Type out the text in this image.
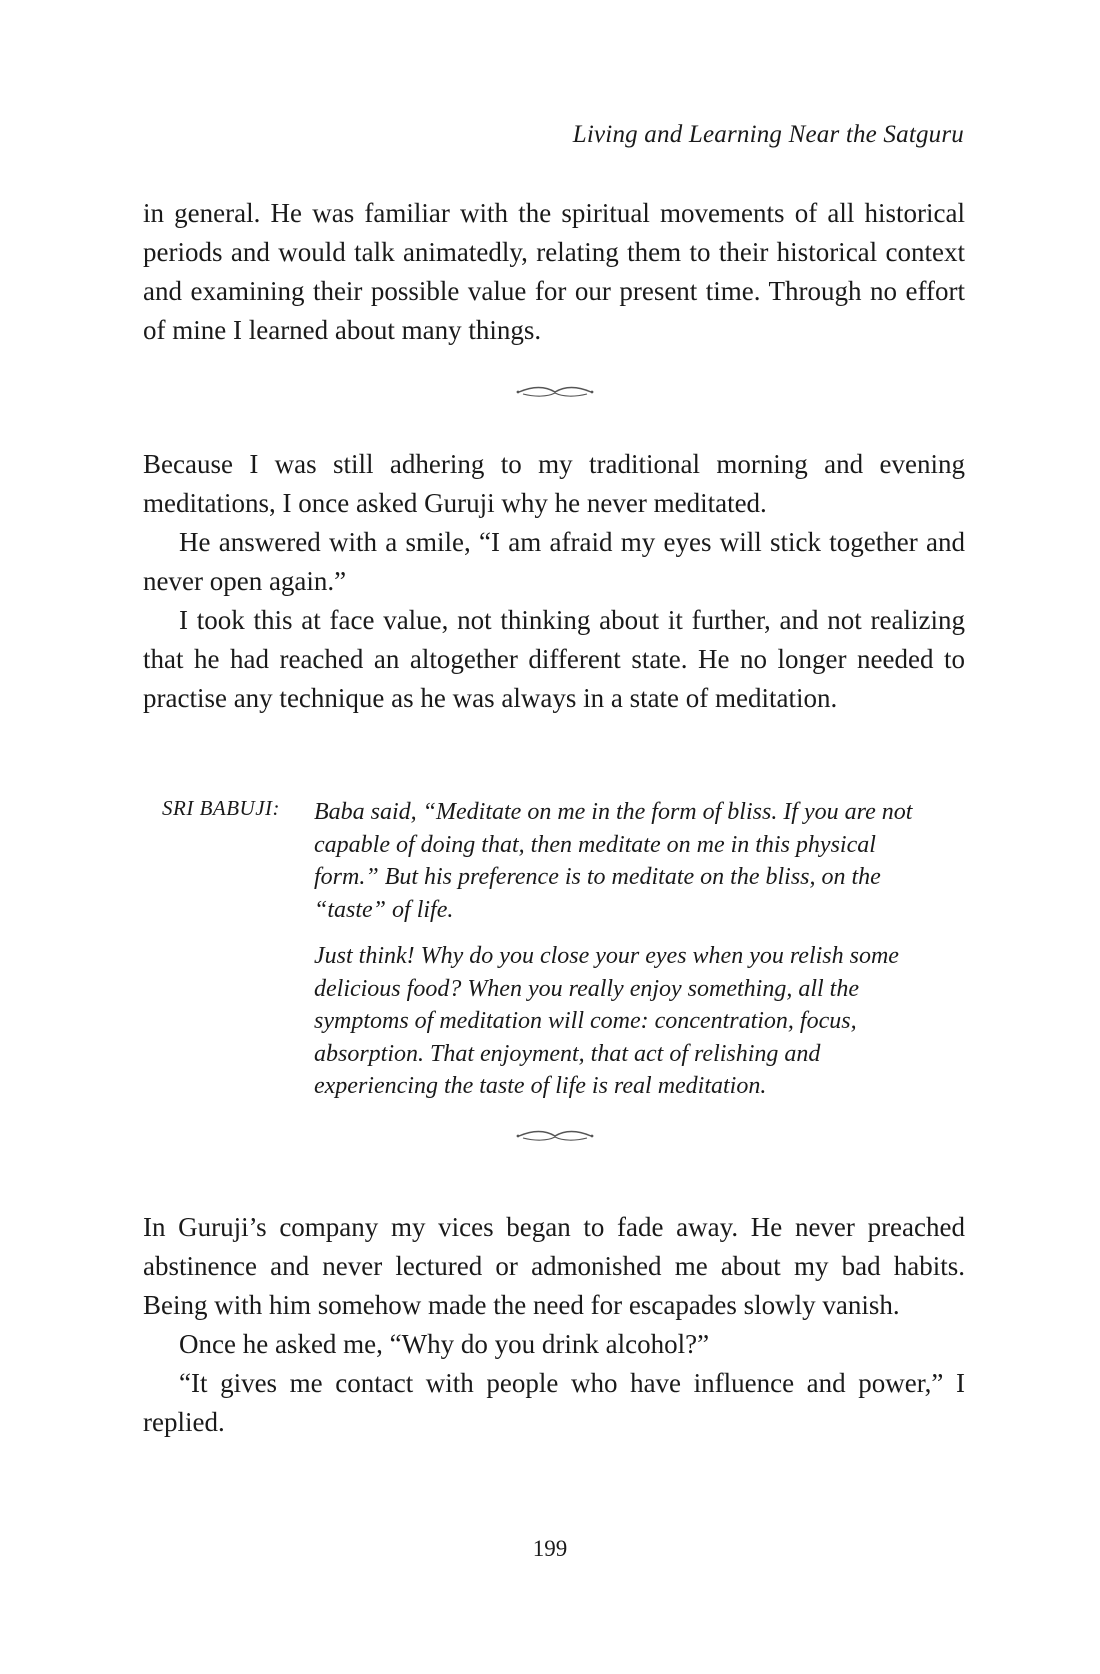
Living and Learning Near the Satguru

in general. He was familiar with the spiritual movements of all historical periods and would talk animatedly, relating them to their historical context and examining their possible value for our present time. Through no effort of mine I learned about many things.

Because I was still adhering to my traditional morning and evening meditations, I once asked Guruji why he never meditated.

He answered with a smile, “I am afraid my eyes will stick together and never open again.”

I took this at face value, not thinking about it further, and not realizing that he had reached an altogether different state. He no longer needed to practise any technique as he was always in a state of meditation.

SRI BABUJI: Baba said, “Meditate on me in the form of bliss. If you are not capable of doing that, then meditate on me in this physical form.” But his preference is to meditate on the bliss, on the “taste” of life.

Just think! Why do you close your eyes when you relish some delicious food? When you really enjoy something, all the symptoms of meditation will come: concentration, focus, absorption. That enjoyment, that act of relishing and experiencing the taste of life is real meditation.

In Guruji’s company my vices began to fade away. He never preached abstinence and never lectured or admonished me about my bad habits. Being with him somehow made the need for escapades slowly vanish.

Once he asked me, “Why do you drink alcohol?”

“It gives me contact with people who have influence and power,” I replied.

199
